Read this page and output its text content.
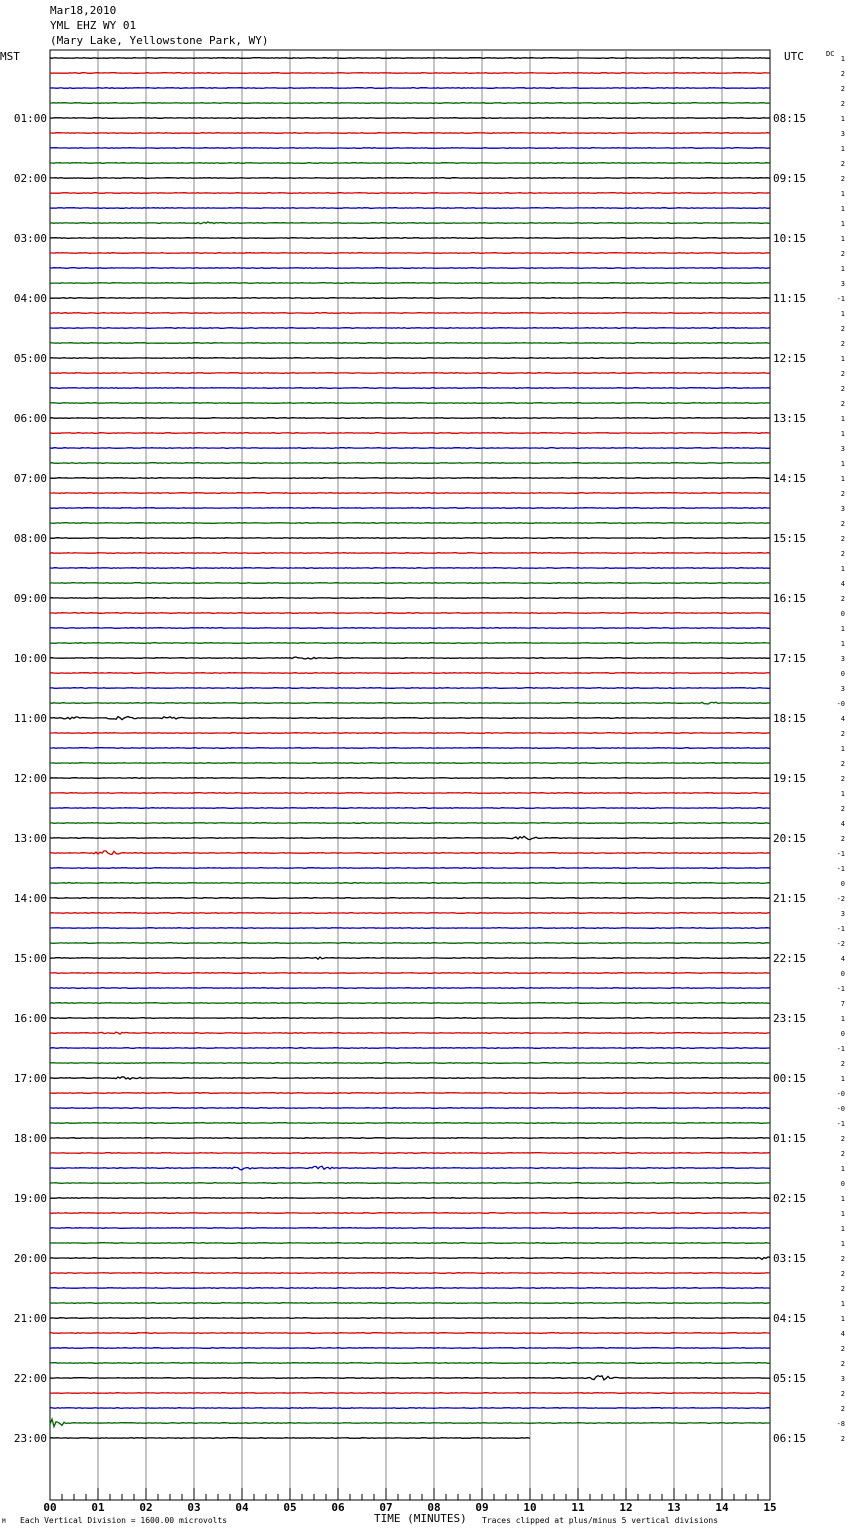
Mar18,2010
YML EHZ WY 01
(Mary Lake, Yellowstone Park, WY)
MST	UTC	DC
01:00
02:00
03:00
04:00
05:00
06:00
07:00
08:00
09:00
10:00
11:00
12:00
13:00
14:00
15:00
16:00
17:00
18:00
19:00
20:00
21:00
22:00
23:00
08:15
09:15
10:15
11:15
12:15
13:15
14:15
15:15
16:15
17:15
18:15
19:15
20:15
21:15
22:15
23:15
00:15
01:15
02:15
03:15
04:15
05:15
06:15
1
2
2
2
1
3
1
2
2
1
1
1
1
2
1
3
-1
1
2
2
1
2
2
2
1
1
3
1
1
2
3
2
2
2
1
4
2
0
1
1
3
0
3
-0
4
2
1
2
2
1
2
4
2
-1
-1
0
-2
3
-1
-2
4
0
-1
7
1
0
-1
2
1
-0
-0
-1
2
2
1
0
1
1
1
1
2
2
2
1
1
4
2
2
3
2
2
-8
2
00	01	02	03	04	05	06	07	08	09	10	11	12	13	14	15
TIME (MINUTES)
Each Vertical Division = 1600.00 microvolts	Traces clipped at plus/minus 5 vertical divisions
M
